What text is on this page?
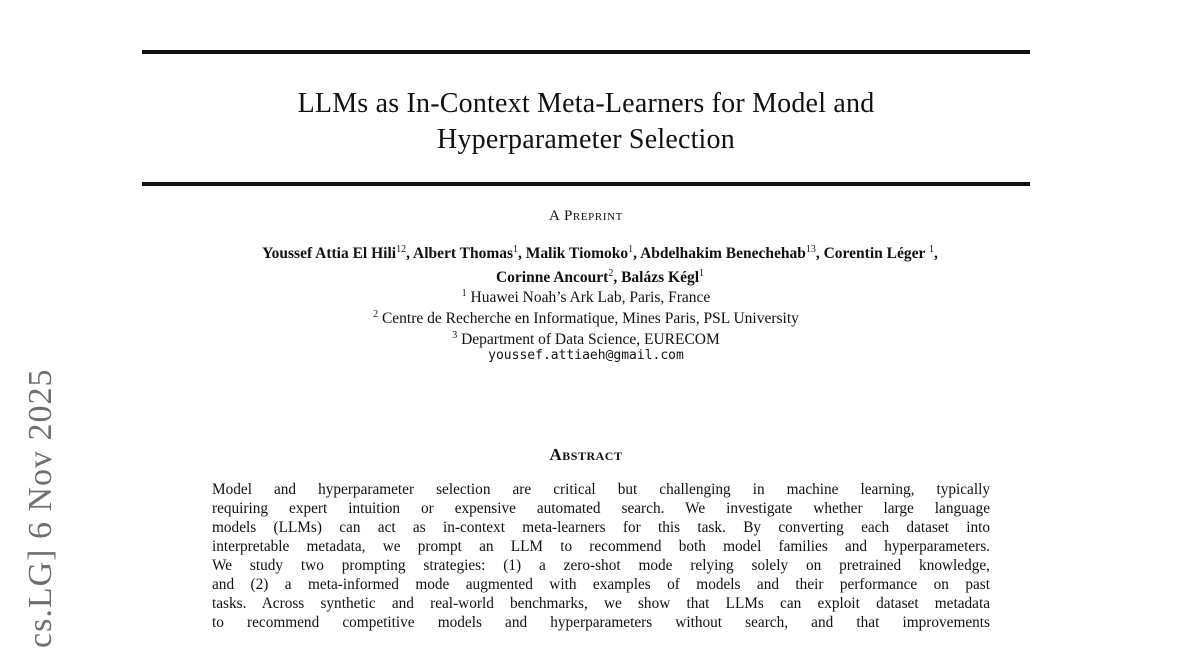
LLMs as In-Context Meta-Learners for Model and
Hyperparameter Selection
A Preprint
Youssef Attia El Hili$^{12}$, Albert Thomas$^1$, Malik Tiomoko$^1$, Abdelhakim Benechehab$^{13}$, Corentin Léger $^1$,
Corinne Ancourt$^2$, Balázs Kégl$^1$
$^1$ Huawei Noah’s Ark Lab, Paris, France
$^2$ Centre de Recherche en Informatique, Mines Paris, PSL University
$^3$ Department of Data Science, EURECOM
youssef.attiaeh@gmail.com
Abstract
Model and hyperparameter selection are critical but challenging in machine learning, typically
requiring expert intuition or expensive automated search. We investigate whether large language
models (LLMs) can act as in-context meta-learners for this task. By converting each dataset into
interpretable metadata, we prompt an LLM to recommend both model families and hyperparameters.
We study two prompting strategies: (1) a zero-shot mode relying solely on pretrained knowledge,
and (2) a meta-informed mode augmented with examples of models and their performance on past
tasks. Across synthetic and real-world benchmarks, we show that LLMs can exploit dataset metadata
to recommend competitive models and hyperparameters without search, and that improvements
cs.LG] 6 Nov 2025
